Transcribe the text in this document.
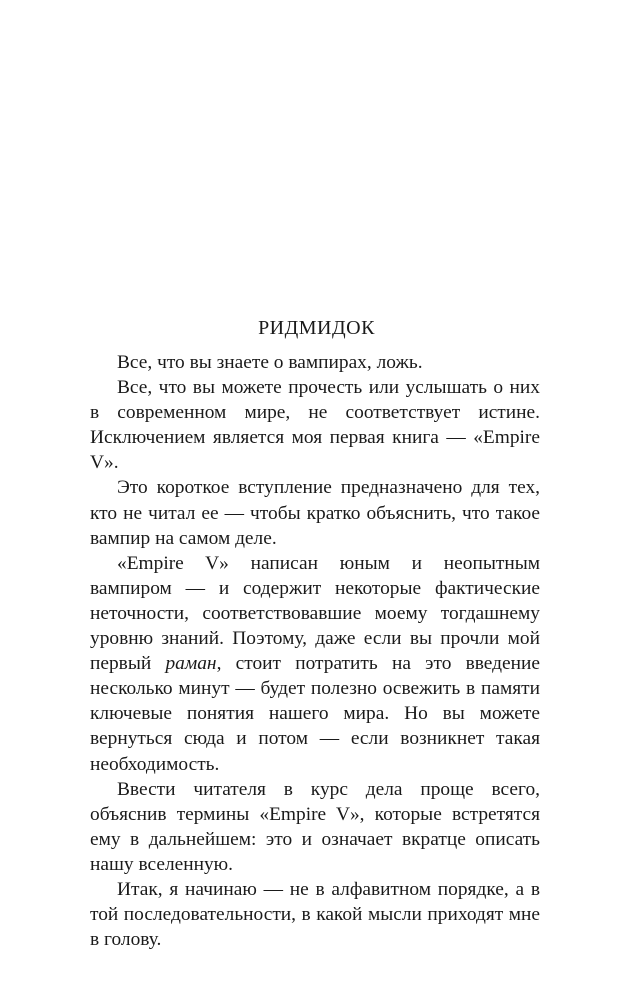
РИДМИДОК

Все, что вы знаете о вампирах, ложь.

Все, что вы можете прочесть или услышать о них в современном мире, не соответствует истине. Исключением является моя первая книга — «Empire V».

Это короткое вступление предназначено для тех, кто не читал ее — чтобы кратко объяснить, что такое вампир на самом деле.

«Empire V» написан юным и неопытным вампиром — и содержит некоторые фактические неточности, соответствовавшие моему тогдашнему уровню знаний. Поэтому, даже если вы прочли мой первый раман, стоит потратить на это введение несколько минут — будет полезно освежить в памяти ключевые понятия нашего мира. Но вы можете вернуться сюда и потом — если возникнет такая необходимость.

Ввести читателя в курс дела проще всего, объяснив термины «Empire V», которые встретятся ему в дальнейшем: это и означает вкратце описать нашу вселенную.

Итак, я начинаю — не в алфавитном порядке, а в той последовательности, в какой мысли приходят мне в голову.
